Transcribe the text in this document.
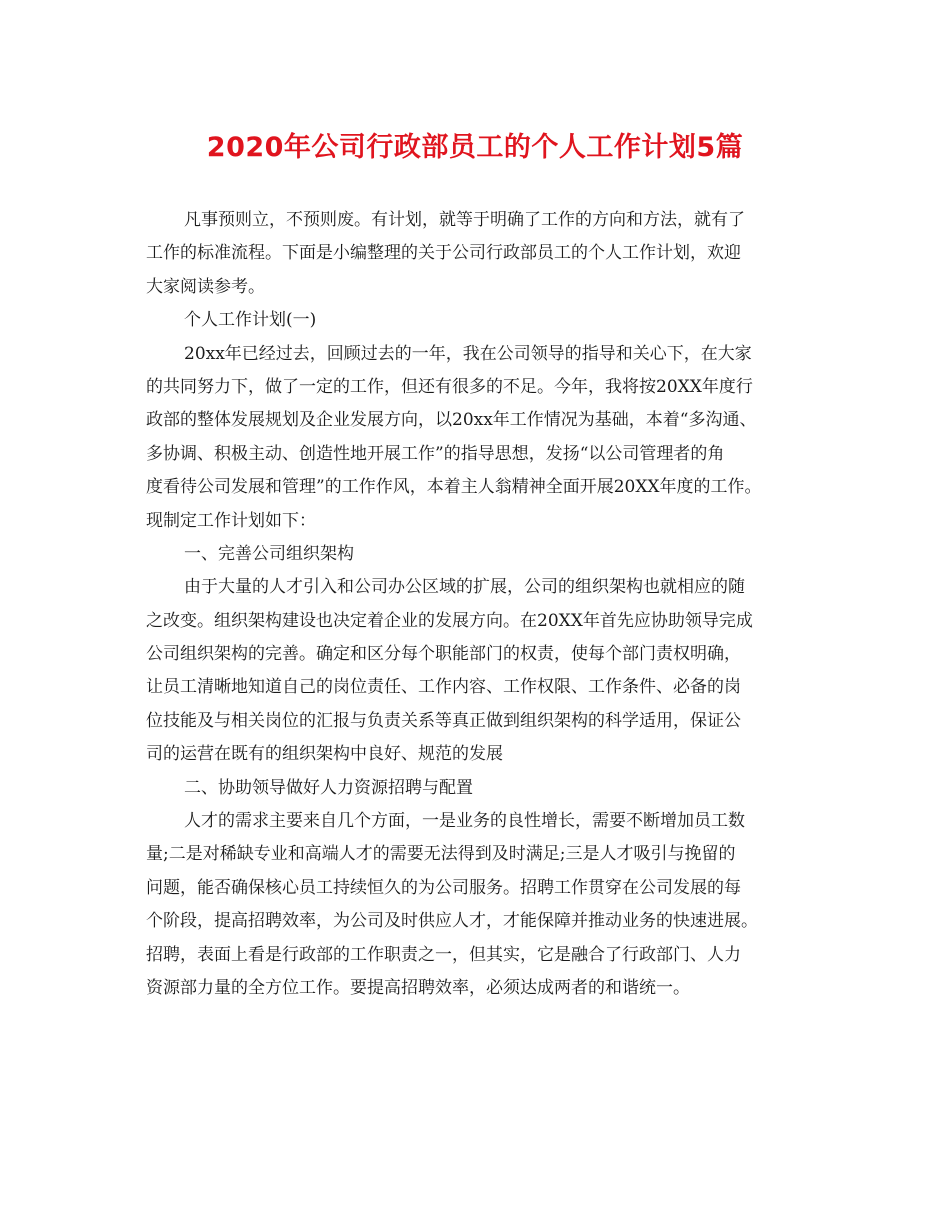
2020年公司行政部员工的个人工作计划5篇
凡事预则立，不预则废。有计划，就等于明确了工作的方向和方法，就有了
工作的标准流程。下面是小编整理的关于公司行政部员工的个人工作计划，欢迎
大家阅读参考。
个人工作计划(一)
20xx年已经过去，回顾过去的一年，我在公司领导的指导和关心下，在大家
的共同努力下，做了一定的工作，但还有很多的不足。今年，我将按20XX年度行
政部的整体发展规划及企业发展方向，以20xx年工作情况为基础，本着“多沟通、
多协调、积极主动、创造性地开展工作”的指导思想，发扬“以公司管理者的角
度看待公司发展和管理”的工作作风，本着主人翁精神全面开展20XX年度的工作。
现制定工作计划如下：
一、完善公司组织架构
由于大量的人才引入和公司办公区域的扩展，公司的组织架构也就相应的随
之改变。组织架构建设也决定着企业的发展方向。在20XX年首先应协助领导完成
公司组织架构的完善。确定和区分每个职能部门的权责，使每个部门责权明确，
让员工清晰地知道自己的岗位责任、工作内容、工作权限、工作条件、必备的岗
位技能及与相关岗位的汇报与负责关系等真正做到组织架构的科学适用，保证公
司的运营在既有的组织架构中良好、规范的发展
二、协助领导做好人力资源招聘与配置
人才的需求主要来自几个方面，一是业务的良性增长，需要不断增加员工数
量;二是对稀缺专业和高端人才的需要无法得到及时满足;三是人才吸引与挽留的
问题，能否确保核心员工持续恒久的为公司服务。招聘工作贯穿在公司发展的每
个阶段，提高招聘效率，为公司及时供应人才，才能保障并推动业务的快速进展。
招聘，表面上看是行政部的工作职责之一，但其实，它是融合了行政部门、人力
资源部力量的全方位工作。要提高招聘效率，必须达成两者的和谐统一。
